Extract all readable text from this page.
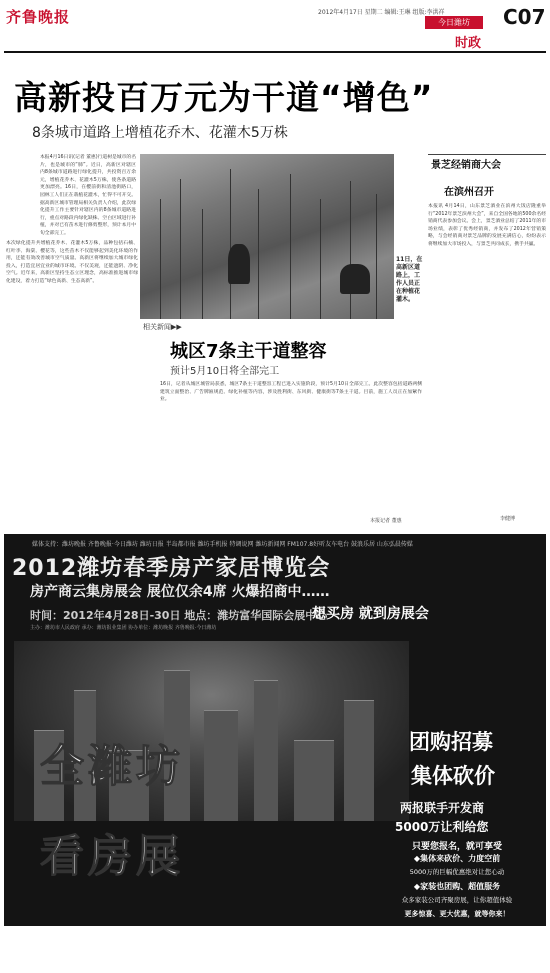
齐鲁晚报	2012年4月17日 星期二 编辑:王琳 组版:李洪祥
今日潍坊
时政
C07
高新投百万元为干道“增色”
8条城市道路上增植花乔木、花灌木5万株
本报4月16日讯(记者 董惠)行道树是城市的名片，也是城市的“肺”。近日，高新区对辖区内8条城市道路进行绿化提升，共投资百万余元，增植花乔木、花灌木5万株，使各条道路更加漂亮。16日，在樱前街和清池街路口，园林工人们正在栽植花灌木，忙得不可开交。据高新区城市管理局相关负责人介绍，此次绿化提升工作主要针对辖区内的8条城市道路进行，重点对路段内绿化缺株、空白区域进行补植，并对已有苗木进行修剪整形，预计本月中旬全部完工。
本次绿化提升共增植花乔木、花灌木5万株，品种包括石楠、红叶李、海棠、樱花等，这些苗木不仅能够起到美化环境的作用，还能有效改善城市空气质量。高新区将继续加大城市绿化投入，打造宜居宜业的城市环境。不仅美观，还能遮阴、净化空气。近年来，高新区坚持生态立区理念，高标准推进城市绿化建设，着力打造“绿色高新、生态高新”。
11日，在高新区道路上，工作人员正在种植花灌木。
景芝经销商大会
在滨州召开
本报讯 4月14日，山东景芝酒业在滨州大饭店隆重举行“2012年景芝滨州大会”，来自全国各地的500余名经销商代表参加会议。会上，景芝酒业总结了2011年的市场业绩，表彰了优秀经销商，并发布了2012年营销策略，与会经销商对景芝品牌的发展充满信心，纷纷表示将继续加大市场投入，与景芝共同成长，携手共赢。
相关新闻▶▶
城区7条主干道整容
预计5月10日将全部完工
16日，记者从城区城管局获悉，城区7条主干道整容工程已进入实施阶段，预计5月10日全部完工。此次整容包括道路两侧建筑立面整治、广告牌匾规范、绿化补植等内容，涉及胜利街、东风街、健康街等7条主干道。目前，施工人员正在加紧作业。
本报记者 董惠	李健博
媒体支持：潍坊晚报 齐鲁晚报·今日潍坊 潍坊日报 半岛都市报 潍坊手机报 特调说网 潍坊新闻网 FM107.8好听友车电台 鼓浪乐居 山东弘晨传媒
2012潍坊春季房产家居博览会
房产商云集房展会 展位仅余4席 火爆招商中……
时间：2012年4月28日-30日 地点：潍坊富华国际会展中心
想买房 就到房展会
主办：潍坊市人民政府 承办：潍坊报业集团 协办单位：潍坊晚报 齐鲁晚报·今日潍坊
全潍坊
看房展
团购招募
集体砍价
两报联手开发商
5000万让利给您
只要您报名，就可享受
◆集体来砍价、力度空前
5000万的巨幅优惠绝对让您心动
◆家装也团购、超值服务
众多家装公司齐聚房展，让你超值体验
更多惊喜、更大优惠，就等你来！
报名热线：96663
网上报名：www.365tsq.com
